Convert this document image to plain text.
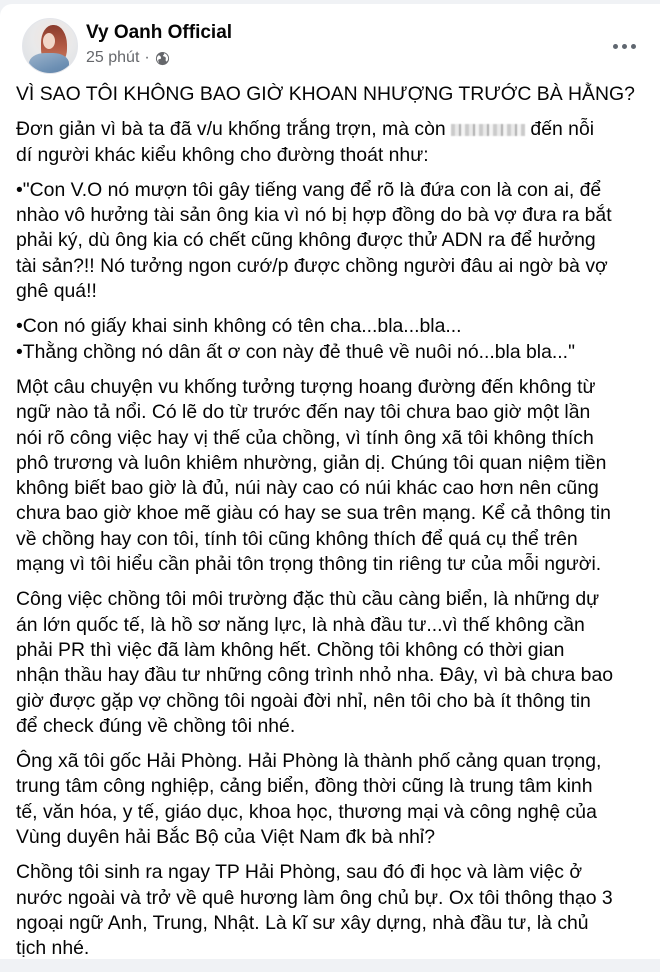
Vy Oanh Official
25 phút ·

VÌ SAO TÔI KHÔNG BAO GIỜ KHOAN NHƯỢNG TRƯỚC BÀ HẰNG?

Đơn giản vì bà ta đã v/u khống trắng trợn, mà còn	đến nỗi
dí người khác kiểu không cho đường thoát như:

•"Con V.O nó mượn tôi gây tiếng vang để rõ là đứa con là con ai, để
nhào vô hưởng tài sản ông kia vì nó bị hợp đồng do bà vợ đưa ra bắt
phải ký, dù ông kia có chết cũng không được thử ADN ra để hưởng
tài sản?!! Nó tưởng ngon cướ/p được chồng người đâu ai ngờ bà vợ
ghê quá!!

•Con nó giấy khai sinh không có tên cha...bla...bla...
•Thằng chồng nó dân ất ơ con này đẻ thuê về nuôi nó...bla bla..."

Một câu chuyện vu khống tưởng tượng hoang đường đến không từ
ngữ nào tả nổi. Có lẽ do từ trước đến nay tôi chưa bao giờ một lần
nói rõ công việc hay vị thế của chồng, vì tính ông xã tôi không thích
phô trương và luôn khiêm nhường, giản dị. Chúng tôi quan niệm tiền
không biết bao giờ là đủ, núi này cao có núi khác cao hơn nên cũng
chưa bao giờ khoe mẽ giàu có hay se sua trên mạng. Kể cả thông tin
về chồng hay con tôi, tính tôi cũng không thích để quá cụ thể trên
mạng vì tôi hiểu cần phải tôn trọng thông tin riêng tư của mỗi người.

Công việc chồng tôi môi trường đặc thù cầu càng biển, là những dự
án lớn quốc tế, là hồ sơ năng lực, là nhà đầu tư...vì thế không cần
phải PR thì việc đã làm không hết. Chồng tôi không có thời gian
nhận thầu hay đầu tư những công trình nhỏ nha. Đây, vì bà chưa bao
giờ được gặp vợ chồng tôi ngoài đời nhỉ, nên tôi cho bà ít thông tin
để check đúng về chồng tôi nhé.

Ông xã tôi gốc Hải Phòng. Hải Phòng là thành phố cảng quan trọng,
trung tâm công nghiệp, cảng biển, đồng thời cũng là trung tâm kinh
tế, văn hóa, y tế, giáo dục, khoa học, thương mại và công nghệ của
Vùng duyên hải Bắc Bộ của Việt Nam đk bà nhỉ?

Chồng tôi sinh ra ngay TP Hải Phòng, sau đó đi học và làm việc ở
nước ngoài và trở về quê hương làm ông chủ bự. Ox tôi thông thạo 3
ngoại ngữ Anh, Trung, Nhật. Là kĩ sư xây dựng, nhà đầu tư, là chủ
tịch nhé.
